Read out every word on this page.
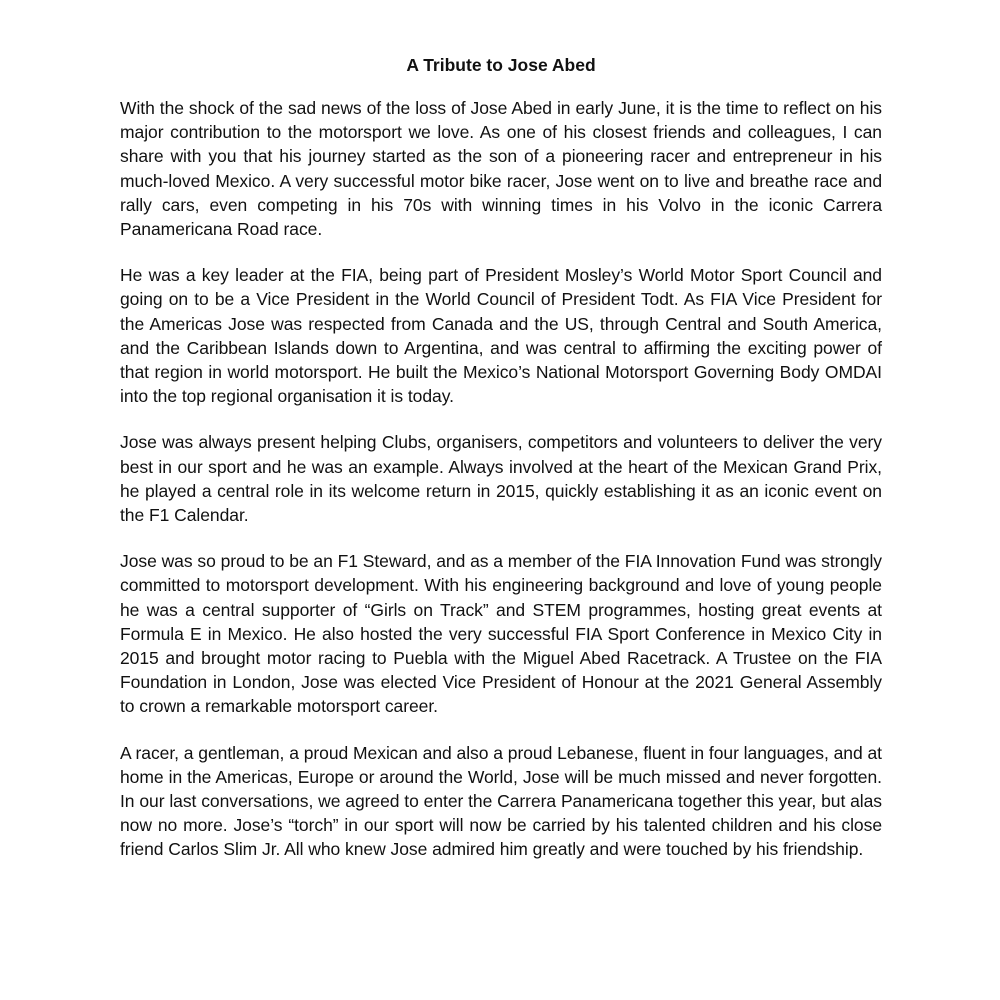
A Tribute to Jose Abed

With the shock of the sad news of the loss of Jose Abed in early June, it is the time to reflect on his major contribution to the motorsport we love. As one of his closest friends and colleagues, I can share with you that his journey started as the son of a pioneering racer and entrepreneur in his much-loved Mexico. A very successful motor bike racer, Jose went on to live and breathe race and rally cars, even competing in his 70s with winning times in his Volvo in the iconic Carrera Panamericana Road race.

He was a key leader at the FIA, being part of President Mosley’s World Motor Sport Council and going on to be a Vice President in the World Council of President Todt. As FIA Vice President for the Americas Jose was respected from Canada and the US, through Central and South America, and the Caribbean Islands down to Argentina, and was central to affirming the exciting power of that region in world motorsport. He built the Mexico’s National Motorsport Governing Body OMDAI into the top regional organisation it is today.

Jose was always present helping Clubs, organisers, competitors and volunteers to deliver the very best in our sport and he was an example. Always involved at the heart of the Mexican Grand Prix, he played a central role in its welcome return in 2015, quickly establishing it as an iconic event on the F1 Calendar.

Jose was so proud to be an F1 Steward, and as a member of the FIA Innovation Fund was strongly committed to motorsport development. With his engineering background and love of young people he was a central supporter of “Girls on Track” and STEM programmes, hosting great events at Formula E in Mexico. He also hosted the very successful FIA Sport Conference in Mexico City in 2015 and brought motor racing to Puebla with the Miguel Abed Racetrack. A Trustee on the FIA Foundation in London, Jose was elected Vice President of Honour at the 2021 General Assembly to crown a remarkable motorsport career.

A racer, a gentleman, a proud Mexican and also a proud Lebanese, fluent in four languages, and at home in the Americas, Europe or around the World, Jose will be much missed and never forgotten. In our last conversations, we agreed to enter the Carrera Panamericana together this year, but alas now no more. Jose’s “torch” in our sport will now be carried by his talented children and his close friend Carlos Slim Jr. All who knew Jose admired him greatly and were touched by his friendship.
